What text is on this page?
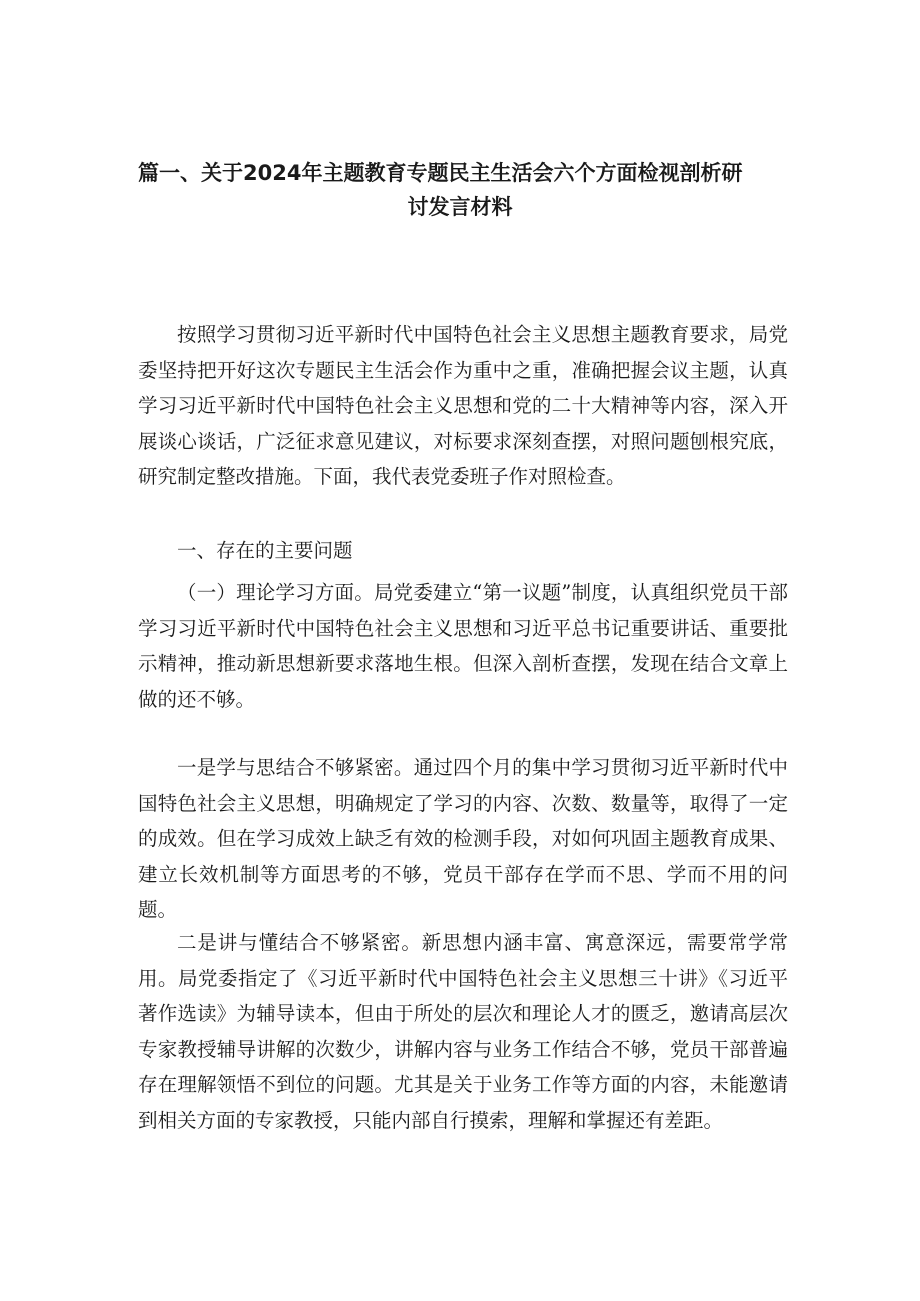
篇一、关于2024年主题教育专题民主生活会六个方面检视剖析研
讨发言材料

按照学习贯彻习近平新时代中国特色社会主义思想主题教育要求，局党委坚持把开好这次专题民主生活会作为重中之重，准确把握会议主题，认真学习习近平新时代中国特色社会主义思想和党的二十大精神等内容，深入开展谈心谈话，广泛征求意见建议，对标要求深刻查摆，对照问题刨根究底，研究制定整改措施。下面，我代表党委班子作对照检查。

一、存在的主要问题

（一）理论学习方面。局党委建立“第一议题”制度，认真组织党员干部学习习近平新时代中国特色社会主义思想和习近平总书记重要讲话、重要批示精神，推动新思想新要求落地生根。但深入剖析查摆，发现在结合文章上做的还不够。

一是学与思结合不够紧密。通过四个月的集中学习贯彻习近平新时代中国特色社会主义思想，明确规定了学习的内容、次数、数量等，取得了一定的成效。但在学习成效上缺乏有效的检测手段，对如何巩固主题教育成果、建立长效机制等方面思考的不够，党员干部存在学而不思、学而不用的问题。

二是讲与懂结合不够紧密。新思想内涵丰富、寓意深远，需要常学常用。局党委指定了《习近平新时代中国特色社会主义思想三十讲》《习近平著作选读》为辅导读本，但由于所处的层次和理论人才的匮乏，邀请高层次专家教授辅导讲解的次数少，讲解内容与业务工作结合不够，党员干部普遍存在理解领悟不到位的问题。尤其是关于业务工作等方面的内容，未能邀请到相关方面的专家教授，只能内部自行摸索，理解和掌握还有差距。
